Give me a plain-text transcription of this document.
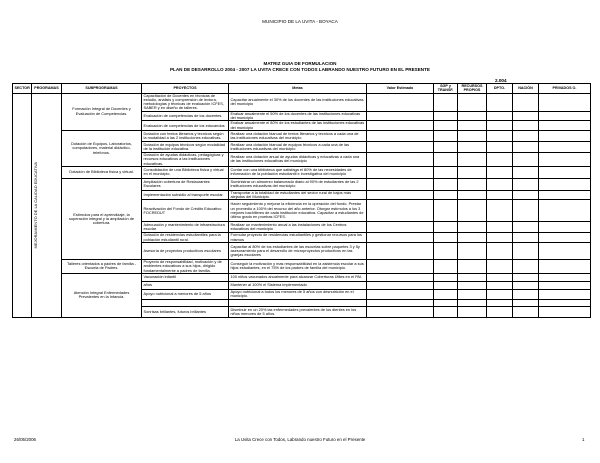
MUNICIPIO DE LA UVITA - BOYACA
MATRIZ GUIA DE FORMULACION
PLAN DE DESARROLLO 2004 - 2007 LA UVITA CRECE CON TODOS LABRANDO NUESTRO FUTURO EN EL PRESENTE
2.004
SECTOR	PROGRAMAS	SUBPROGRAMAS	PROYECTOS	Metas	Valor Estimado	SGP y TRANSF.	RECURSOS PROPIOS	DPTO.	NACIÓN	PRIVADOS O.

	MEJORAMIENTO DE LA CALIDAD EDUCATIVA	Formación Integral de Docentes y Evaluación de Competencias.	Capacitación de Docentes en técnicas de estudio, análisis y comprensión de lectura, metodologías y técnicas de evaluación ICFES, SABER y en diseño de talleres.	Capacitar anualmente el 30% de los docentes de las instituciones educativas del municipio						
			Evaluación de competencias de los docentes.	Evaluar anualmente el 50% de los docentes de las instituciones educativas del municipio						
			Evaluación de competencias de los educandos	Evaluar anualmente el 80% de los estudiantes de las instituciones educativas del municipio						
		Dotación de Equipos, Laboratorios, computadores, material didáctico, telefonos.	Dotación con textos literarios y tecnicos según la modalidad a las 2 instituciones educativas.	Realizar una dotación bianual de textos literarios y tecnicos a cada una de las instituciones educativas del municipio						
			Dotación de equipos técnicos según modalidad de la institución educativa.	Realizar una dotación bianual de equipos técnicos a cada una de las instituciones educativas del municipio						
			Dotación de ayudas didácticas, pedagógicas y recursos educativos a las instituciones educativas.	Realizar una dotación anual de ayudas didácticas y educativas a cada una de las instituciones educativas del municipio						
		Dotación de Biblioteca física y virtual.	Consolidación de una Biblioteca física y virtual en el municipio.	Contar con una biblioteca que satisfaga el 80% de las necesidades de información de la población estudiantil e investigativa del municipio						
		Estímulos para el aprendizaje, la superación integral y la ampliación de cobertura.	Ampliación cobertura de Restaurantes Escolares	Suministrar un almuerzo balanceado diario al 90% de estudiantes de las 2 instituciones educativas del municipio						
			Implementación subsidio al transporte escolar.	Transportar a la totalidad de estudiantes del sector rural de bajos más alejados del Municipio.						
			Reactivación del Fondo de Crédito Educativo FOCREDUT	Hacer seguimiento y mejorar la eficiencia en la operación del fondo. Prestar un promedio a 100% del recurso del año anterior. Otorgar estímulos a los 3 mejores bachilleres de cada institución educativa. Capacitar a estudiantes de último grado en pruebas ICFES.						
			Adecuación y mantenimiento de infraestructura escolar	Realizar un mantenimiento anual a las instalaciones de los Centros educativos del municipio						
			Dotación de residencias estudiantiles para la población estudiantil rural.	Formular proyecto de residencias estudiantiles y gestionar recursos para los mismos						
			Asesoría de proyectos productivos escolares	Capacitar al 80% de los estudiantes de las escuelas sobre paquetes 3 y 5y asesoramiento para el desarrollo de microproyectos productivos en las granjas escolares						
		Talleres orientados a padres de familia - Escuela de Padres.	Proyecto de responsabilidad, motivación y de ambientes educativos a sus hijos, dirigido fundamentalmente a padres de familia.	Conseguir la motivación y mas responsabilidad en la asistencia escolar a sus hijos estudiantes, en el 75% de los padres de familia del municipio.						
		Atención Integral Enfermedades Prevalentes en la Infancia.	Vacunación infantil	100 niños vacunados anualmente para alcanzar Coberturas Útiles en el PAI.						
			años	Mantener al 100% el Sistema implementado						
			Apoyo nutricional a menores de 5 años	Apoyo nutricional a todos los menores de 5 años con desnutrición en el municipio.						

			Sonrisas brillantes, futuros brillantes	Disminuir en un 20% las enfermedades prevalentes de los dientes en los niños menores de 5 años.						
26/05/2006	La Uvita Crece con Todos, Labrando nuestro Futuro en el Presente	1
